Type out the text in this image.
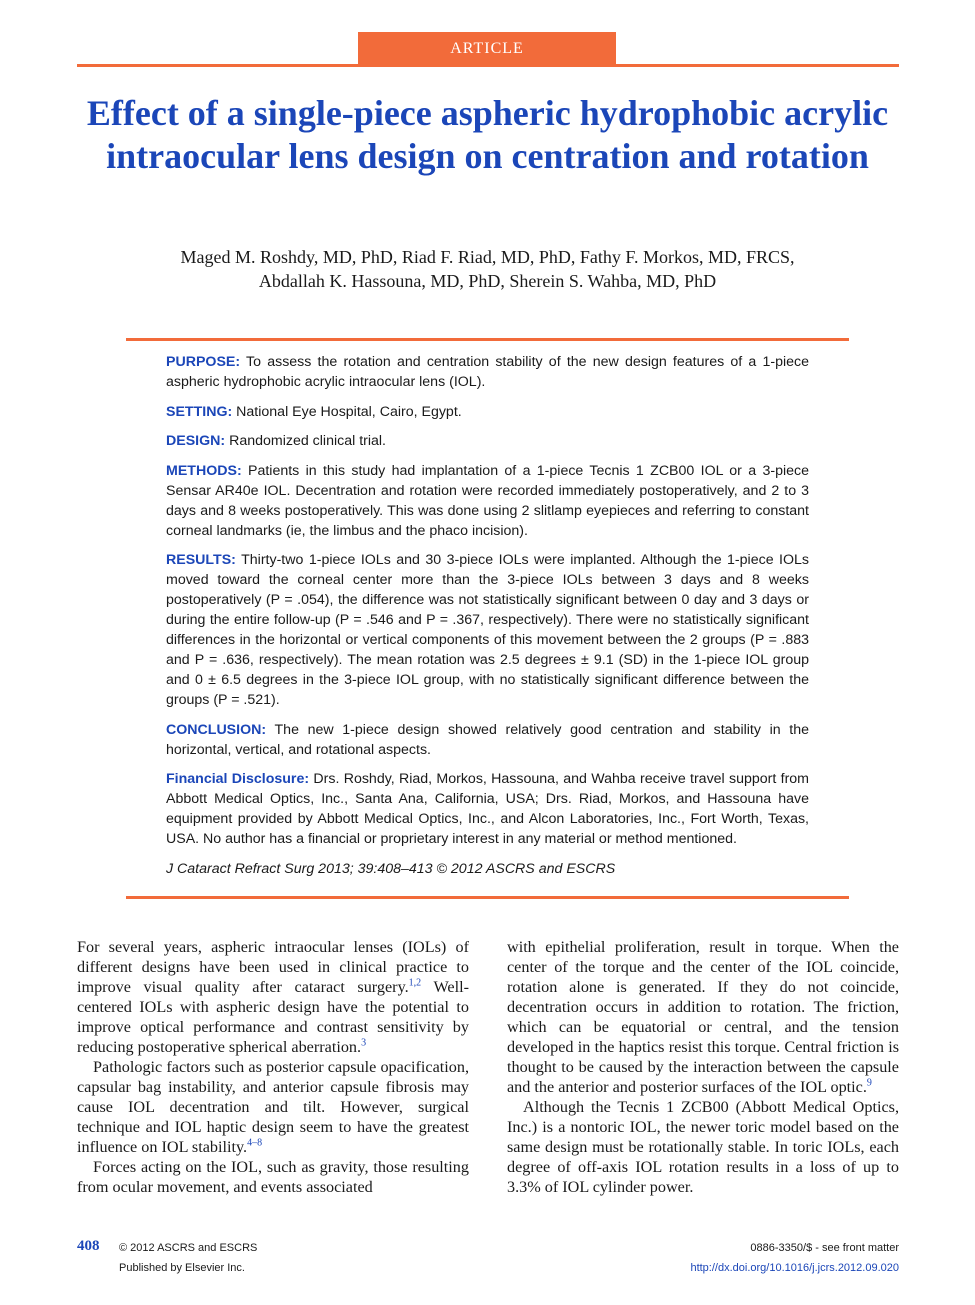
ARTICLE
Effect of a single-piece aspheric hydrophobic acrylic intraocular lens design on centration and rotation
Maged M. Roshdy, MD, PhD, Riad F. Riad, MD, PhD, Fathy F. Morkos, MD, FRCS,
Abdallah K. Hassouna, MD, PhD, Sherein S. Wahba, MD, PhD

PURPOSE: To assess the rotation and centration stability of the new design features of a 1-piece aspheric hydrophobic acrylic intraocular lens (IOL).

SETTING: National Eye Hospital, Cairo, Egypt.

DESIGN: Randomized clinical trial.

METHODS: Patients in this study had implantation of a 1-piece Tecnis 1 ZCB00 IOL or a 3-piece Sensar AR40e IOL. Decentration and rotation were recorded immediately postoperatively, and 2 to 3 days and 8 weeks postoperatively. This was done using 2 slitlamp eyepieces and referring to constant corneal landmarks (ie, the limbus and the phaco incision).

RESULTS: Thirty-two 1-piece IOLs and 30 3-piece IOLs were implanted. Although the 1-piece IOLs moved toward the corneal center more than the 3-piece IOLs between 3 days and 8 weeks postoperatively (P = .054), the difference was not statistically significant between 0 day and 3 days or during the entire follow-up (P = .546 and P = .367, respectively). There were no statistically significant differences in the horizontal or vertical components of this movement between the 2 groups (P = .883 and P = .636, respectively). The mean rotation was 2.5 degrees ± 9.1 (SD) in the 1-piece IOL group and 0 ± 6.5 degrees in the 3-piece IOL group, with no statistically significant difference between the groups (P = .521).

CONCLUSION: The new 1-piece design showed relatively good centration and stability in the horizontal, vertical, and rotational aspects.

Financial Disclosure: Drs. Roshdy, Riad, Morkos, Hassouna, and Wahba receive travel support from Abbott Medical Optics, Inc., Santa Ana, California, USA; Drs. Riad, Morkos, and Hassouna have equipment provided by Abbott Medical Optics, Inc., and Alcon Laboratories, Inc., Fort Worth, Texas, USA. No author has a financial or proprietary interest in any material or method mentioned.

J Cataract Refract Surg 2013; 39:408–413 © 2012 ASCRS and ESCRS

For several years, aspheric intraocular lenses (IOLs) of different designs have been used in clinical practice to improve visual quality after cataract surgery.$^{1,2}$ Well-centered IOLs with aspheric design have the potential to improve optical performance and contrast sensitivity by reducing postoperative spherical aberration.$^3$

Pathologic factors such as posterior capsule opacification, capsular bag instability, and anterior capsule fibrosis may cause IOL decentration and tilt. However, surgical technique and IOL haptic design seem to have the greatest influence on IOL stability.$^{4-8}$

Forces acting on the IOL, such as gravity, those resulting from ocular movement, and events associated

with epithelial proliferation, result in torque. When the center of the torque and the center of the IOL coincide, rotation alone is generated. If they do not coincide, decentration occurs in addition to rotation. The friction, which can be equatorial or central, and the tension developed in the haptics resist this torque. Central friction is thought to be caused by the interaction between the capsule and the anterior and posterior surfaces of the IOL optic.$^9$

Although the Tecnis 1 ZCB00 (Abbott Medical Optics, Inc.) is a nontoric IOL, the newer toric model based on the same design must be rotationally stable. In toric IOLs, each degree of off-axis IOL rotation results in a loss of up to 3.3% of IOL cylinder power.

408 © 2012 ASCRS and ESCRS
Published by Elsevier Inc.
0886-3350/$ - see front matter
http://dx.doi.org/10.1016/j.jcrs.2012.09.020
